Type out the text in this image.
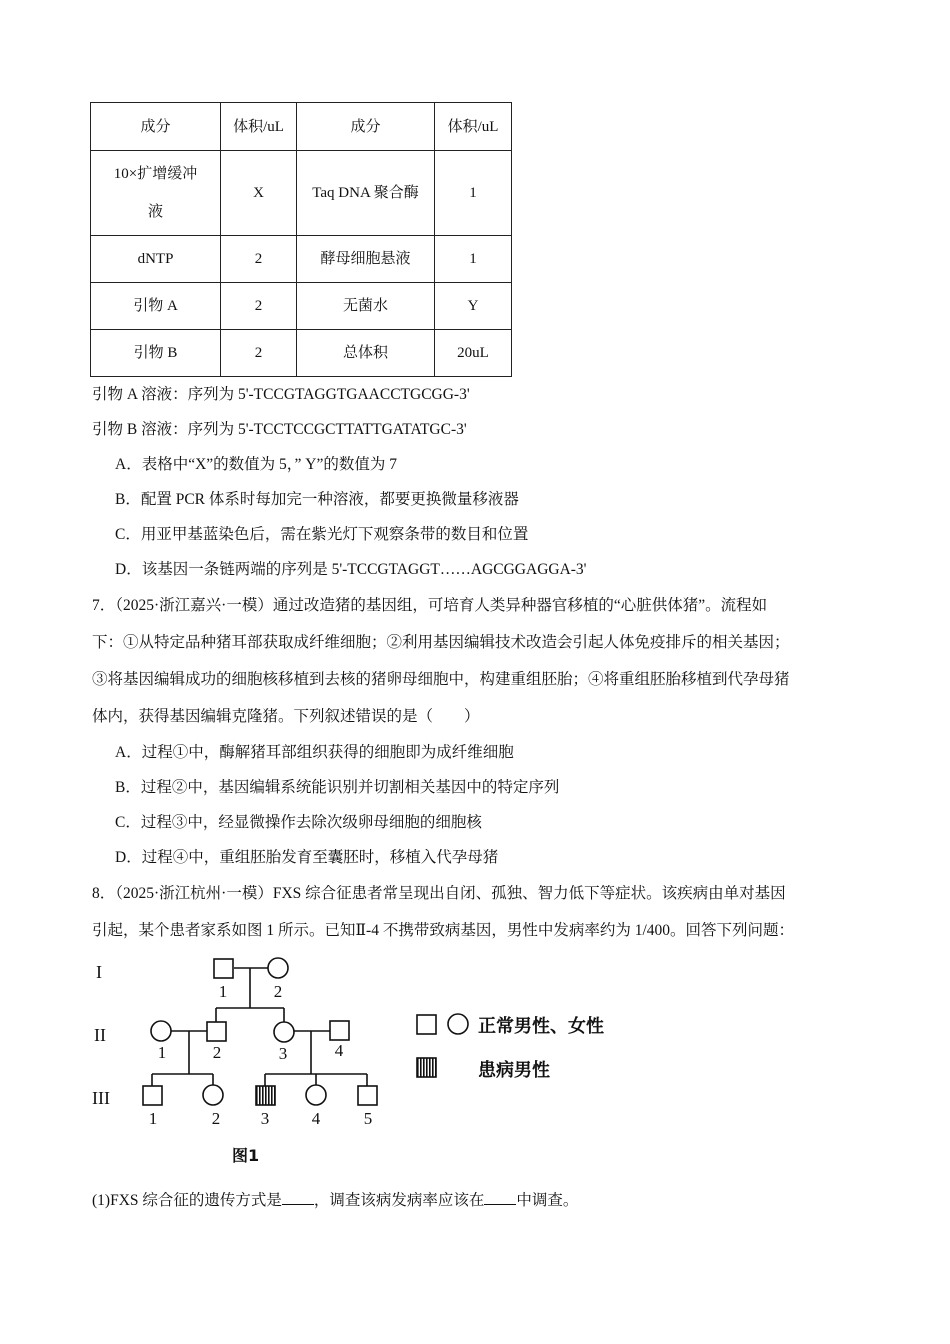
成分	体积/uL	成分	体积/uL
10×扩增缓冲
液	X	Taq DNA 聚合酶	1
dNTP	2	酵母细胞悬液	1
引物 A	2	无菌水	Y
引物 B	2	总体积	20uL
引物 A 溶液：序列为 5'-TCCGTAGGTGAACCTGCGG-3'
引物 B 溶液：序列为 5'-TCCTCCGCTTATTGATATGC-3'
A．表格中“X”的数值为 5，” Y”的数值为 7
B．配置 PCR 体系时每加完一种溶液，都要更换微量移液器
C．用亚甲基蓝染色后，需在紫光灯下观察条带的数目和位置
D．该基因一条链两端的序列是 5'-TCCGTAGGT……AGCGGAGGA-3'
7．（2025·浙江嘉兴·一模）通过改造猪的基因组，可培育人类异种器官移植的“心脏供体猪”。流程如
下：①从特定品种猪耳部获取成纤维细胞；②利用基因编辑技术改造会引起人体免疫排斥的相关基因；
③将基因编辑成功的细胞核移植到去核的猪卵母细胞中，构建重组胚胎；④将重组胚胎移植到代孕母猪
体内，获得基因编辑克隆猪。下列叙述错误的是（　　）
A．过程①中，酶解猪耳部组织获得的细胞即为成纤维细胞
B．过程②中，基因编辑系统能识别并切割相关基因中的特定序列
C．过程③中，经显微操作去除次级卵母细胞的细胞核
D．过程④中，重组胚胎发育至囊胚时，移植入代孕母猪
8．（2025·浙江杭州·一模）FXS 综合征患者常呈现出自闭、孤独、智力低下等症状。该疾病由单对基因
引起，某个患者家系如图 1 所示。已知Ⅱ-4 不携带致病基因，男性中发病率约为 1/400。回答下列问题：
I
II
III
1	2
1	2	3	4
1	2 3	4	5
图1
正常男性、女性
患病男性
(1)FXS 综合征的遗传方式是 ，调查该病发病率应该在 中调查。
